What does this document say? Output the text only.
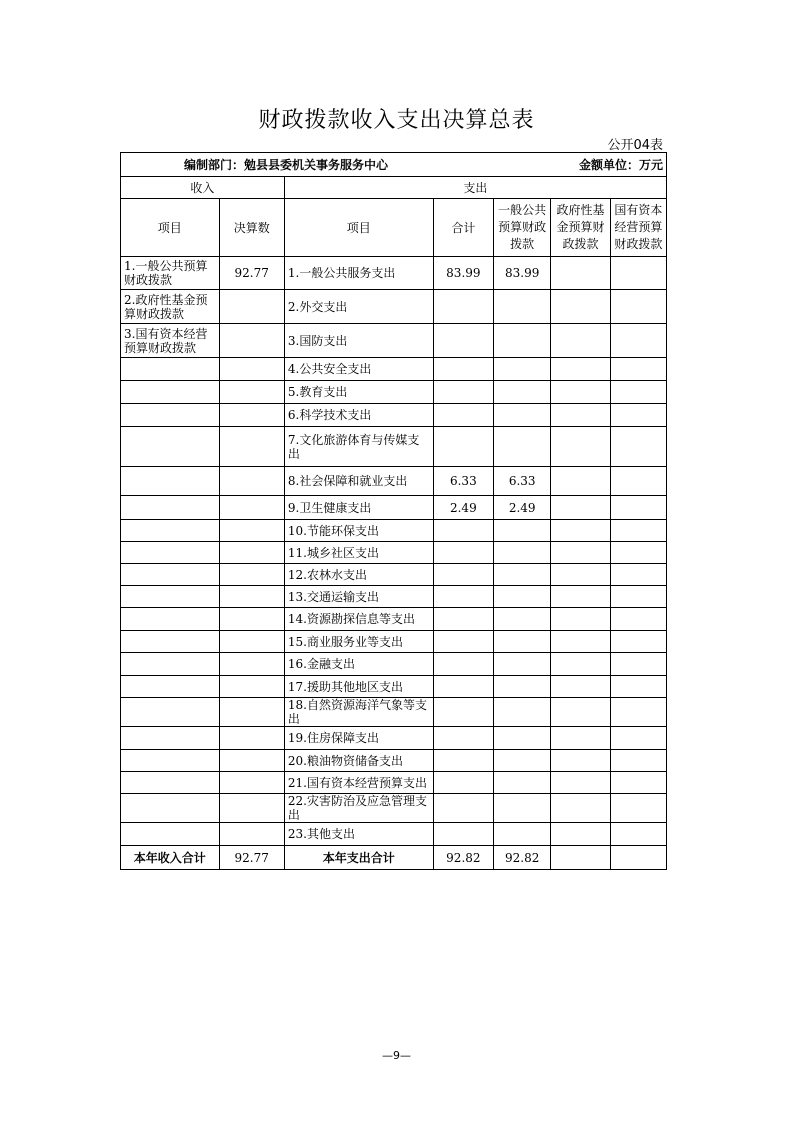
财政拨款收入支出决算总表
公开04表
编制部门：勉县县委机关事务服务中心 金额单位：万元						

收入		支出				
项目	决算数	项目	合计	一般公共预算财政拨款	政府性基金预算财政拨款	国有资本经营预算财政拨款
1.一般公共预算财政拨款	92.77	1.一般公共服务支出	83.99	83.99		
2.政府性基金预算财政拨款		2.外交支出				
3.国有资本经营预算财政拨款		3.国防支出				
		4.公共安全支出				
		5.教育支出				
		6.科学技术支出				
		7.文化旅游体育与传媒支出				
		8.社会保障和就业支出	6.33	6.33		
		9.卫生健康支出	2.49	2.49		
		10.节能环保支出				
		11.城乡社区支出				
		12.农林水支出				
		13.交通运输支出				
		14.资源勘探信息等支出				
		15.商业服务业等支出				
		16.金融支出				
		17.援助其他地区支出				
		18.自然资源海洋气象等支出				
		19.住房保障支出				
		20.粮油物资储备支出				
		21.国有资本经营预算支出				
		22.灾害防治及应急管理支出				
		23.其他支出				
本年收入合计	92.77	本年支出合计	92.82	92.82		
—9—
